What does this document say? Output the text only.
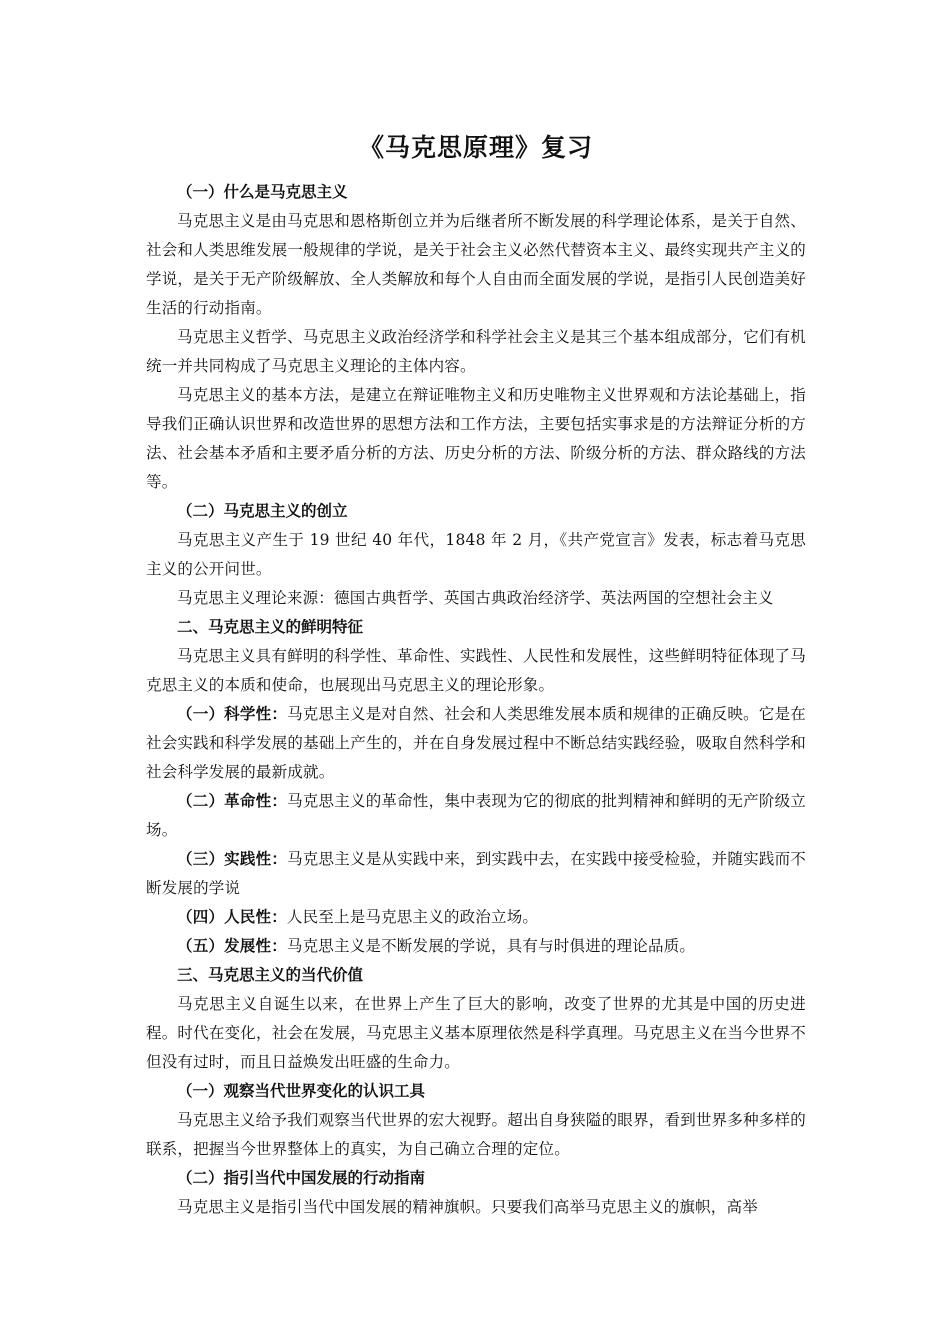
《马克思原理》复习

（一）什么是马克思主义

马克思主义是由马克思和恩格斯创立并为后继者所不断发展的科学理论体系，是关于自然、社会和人类思维发展一般规律的学说，是关于社会主义必然代替资本主义、最终实现共产主义的学说，是关于无产阶级解放、全人类解放和每个人自由而全面发展的学说，是指引人民创造美好生活的行动指南。

马克思主义哲学、马克思主义政治经济学和科学社会主义是其三个基本组成部分，它们有机统一并共同构成了马克思主义理论的主体内容。

马克思主义的基本方法，是建立在辩证唯物主义和历史唯物主义世界观和方法论基础上，指导我们正确认识世界和改造世界的思想方法和工作方法，主要包括实事求是的方法辩证分析的方法、社会基本矛盾和主要矛盾分析的方法、历史分析的方法、阶级分析的方法、群众路线的方法等。

（二）马克思主义的创立

马克思主义产生于 19 世纪 40 年代，1848 年 2 月，《共产党宣言》发表，标志着马克思主义的公开问世。

马克思主义理论来源：德国古典哲学、英国古典政治经济学、英法两国的空想社会主义

二、马克思主义的鲜明特征

马克思主义具有鲜明的科学性、革命性、实践性、人民性和发展性，这些鲜明特征体现了马克思主义的本质和使命，也展现出马克思主义的理论形象。

（一）科学性：马克思主义是对自然、社会和人类思维发展本质和规律的正确反映。它是在社会实践和科学发展的基础上产生的，并在自身发展过程中不断总结实践经验，吸取自然科学和社会科学发展的最新成就。

（二）革命性：马克思主义的革命性，集中表现为它的彻底的批判精神和鲜明的无产阶级立场。

（三）实践性：马克思主义是从实践中来，到实践中去，在实践中接受检验，并随实践而不断发展的学说

（四）人民性：人民至上是马克思主义的政治立场。

（五）发展性：马克思主义是不断发展的学说，具有与时俱进的理论品质。

三、马克思主义的当代价值

马克思主义自诞生以来，在世界上产生了巨大的影响，改变了世界的尤其是中国的历史进程。时代在变化，社会在发展，马克思主义基本原理依然是科学真理。马克思主义在当今世界不但没有过时，而且日益焕发出旺盛的生命力。

（一）观察当代世界变化的认识工具

马克思主义给予我们观察当代世界的宏大视野。超出自身狭隘的眼界，看到世界多种多样的联系，把握当今世界整体上的真实，为自己确立合理的定位。

（二）指引当代中国发展的行动指南

马克思主义是指引当代中国发展的精神旗帜。只要我们高举马克思主义的旗帜，高举
